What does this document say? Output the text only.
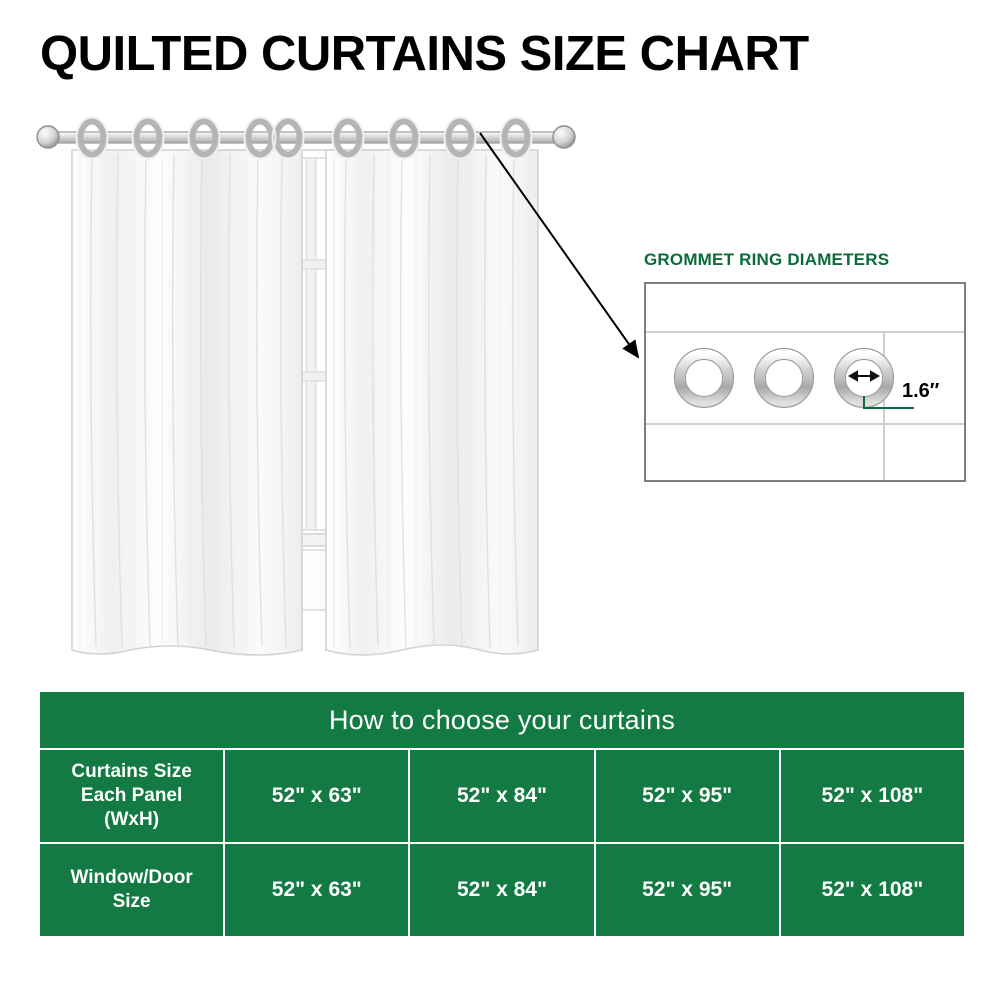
QUILTED CURTAINS SIZE CHART
GROMMET RING DIAMETERS
1.6″
How to choose your curtains				
Curtains Size
Each Panel
(WxH)	52" x 63"	52" x 84"	52" x 95"	52" x 108"
Window/Door
Size	52" x 63"	52" x 84"	52" x 95"	52" x 108"
